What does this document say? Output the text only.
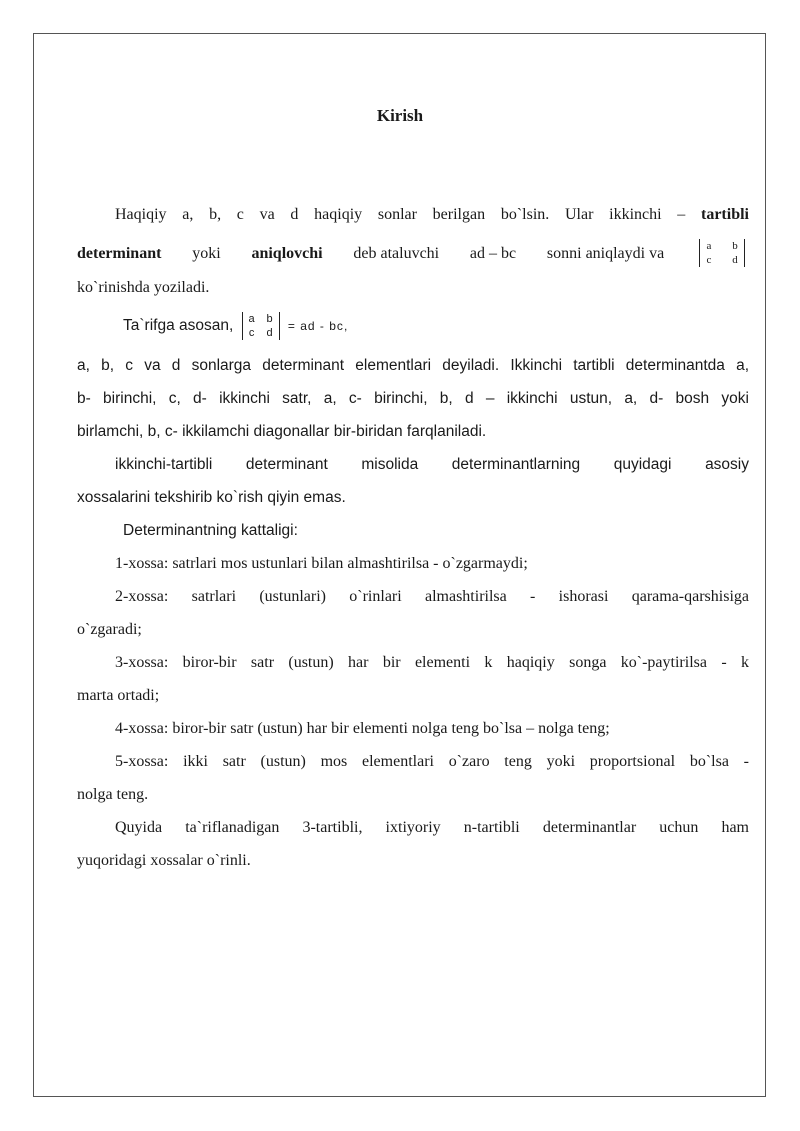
Kirish
Haqiqiy a, b, c va d haqiqiy sonlar berilgan bo`lsin. Ular ikkinchi – tartibli
determinant yoki aniqlovchi deb ataluvchi ad – bc sonni aniqlaydi va	a b
c d
ko`rinishda yoziladi.
Ta`rifga asosan, a b
c d = ad - bc,
a, b, c va d sonlarga determinant elementlari deyiladi. Ikkinchi tartibli determinantda a,
b- birinchi, c, d- ikkinchi satr, a, c- birinchi, b, d – ikkinchi ustun, a, d- bosh yoki
birlamchi, b, c- ikkilamchi diagonallar bir-biridan farqlaniladi.
ikkinchi-tartibli determinant misolida determinantlarning quyidagi asosiy
xossalarini tekshirib ko`rish qiyin emas.
Determinantning kattaligi:
1-xossa: satrlari mos ustunlari bilan almashtirilsa - o`zgarmaydi;
2-xossa: satrlari (ustunlari) o`rinlari almashtirilsa - ishorasi qarama-qarshisiga
o`zgaradi;
3-xossa: biror-bir satr (ustun) har bir elementi k haqiqiy songa ko`-paytirilsa - k
marta ortadi;
4-xossa: biror-bir satr (ustun) har bir elementi nolga teng bo`lsa – nolga teng;
5-xossa: ikki satr (ustun) mos elementlari o`zaro teng yoki proportsional bo`lsa -
nolga teng.
Quyida ta`riflanadigan 3-tartibli, ixtiyoriy n-tartibli determinantlar uchun ham
yuqoridagi xossalar o`rinli.
